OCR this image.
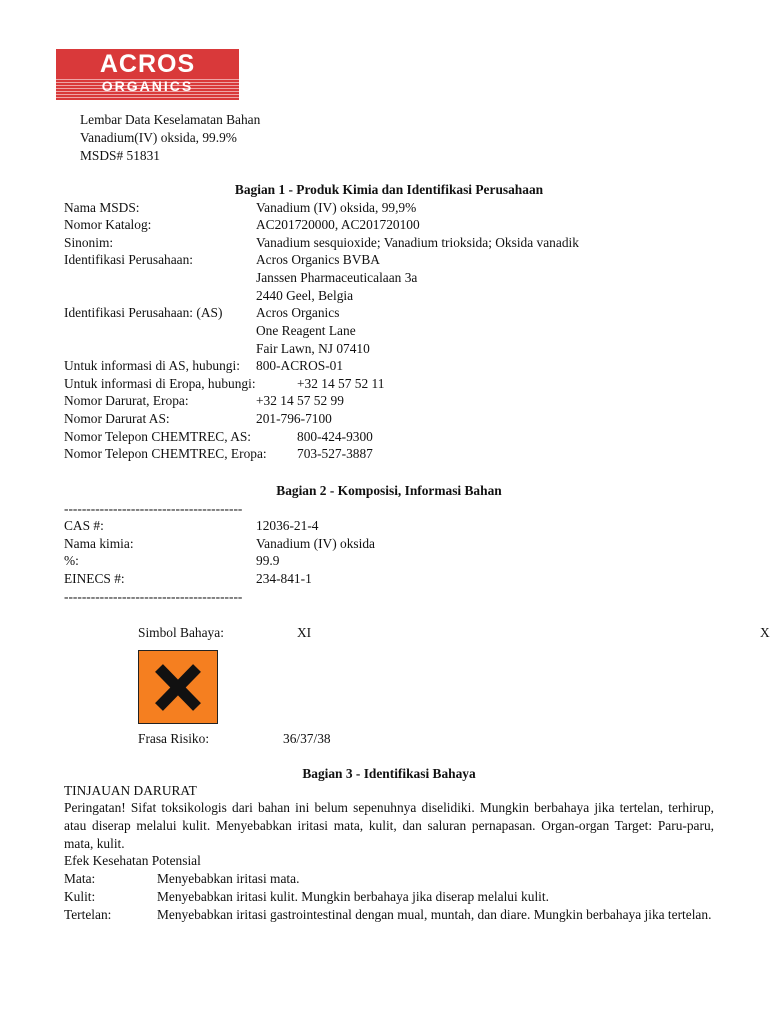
ACROS
ORGANICS
Lembar Data Keselamatan Bahan
Vanadium(IV) oksida, 99.9%
MSDS# 51831
Bagian 1 - Produk Kimia dan Identifikasi Perusahaan
Nama MSDS:	Vanadium (IV) oksida, 99,9%
Nomor Katalog:	AC201720000, AC201720100
Sinonim:	Vanadium sesquioxide; Vanadium trioksida; Oksida vanadik
Identifikasi Perusahaan:	Acros Organics BVBA
Janssen Pharmaceuticalaan 3a
2440 Geel, Belgia
Identifikasi Perusahaan: (AS)	Acros Organics
One Reagent Lane
Fair Lawn, NJ 07410
Untuk informasi di AS, hubungi: 800-ACROS-01
Untuk informasi di Eropa, hubungi:	+32 14 57 52 11
Nomor Darurat, Eropa:	+32 14 57 52 99
Nomor Darurat AS:	201-796-7100
Nomor Telepon CHEMTREC, AS:	800-424-9300
Nomor Telepon CHEMTREC, Eropa: 703-527-3887
Bagian 2 - Komposisi, Informasi Bahan
----------------------------------------
CAS #:	12036-21-4
Nama kimia:	Vanadium (IV) oksida
%:	99.9
EINECS #:	234-841-1
----------------------------------------
Simbol Bahaya:	XI	X
Frasa Risiko:	36/37/38
Bagian 3 - Identifikasi Bahaya
TINJAUAN DARURAT
Peringatan! Sifat toksikologis dari bahan ini belum sepenuhnya diselidiki. Mungkin berbahaya jika tertelan, terhirup, atau diserap melalui kulit. Menyebabkan iritasi mata, kulit, dan saluran pernapasan. Organ-organ Target: Paru-paru, mata, kulit.
Efek Kesehatan Potensial
Mata:	Menyebabkan iritasi mata.
Kulit:	Menyebabkan iritasi kulit. Mungkin berbahaya jika diserap melalui kulit.
Tertelan:	Menyebabkan iritasi gastrointestinal dengan mual, muntah, dan diare. Mungkin berbahaya jika tertelan.
